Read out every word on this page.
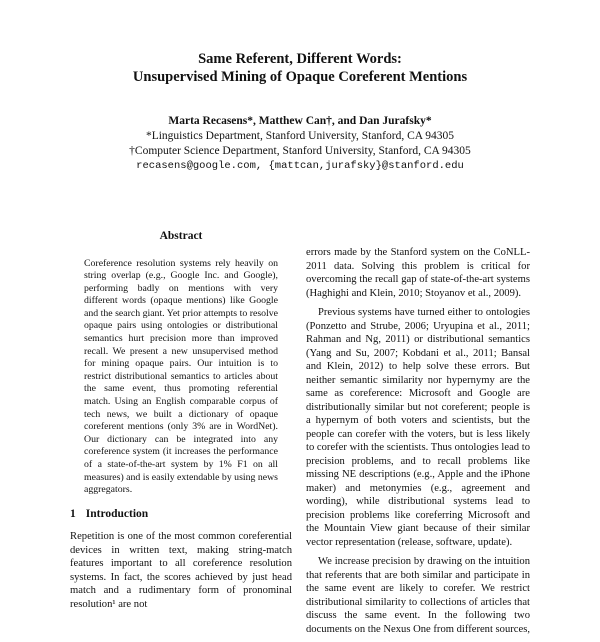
Same Referent, Different Words:
Unsupervised Mining of Opaque Coreferent Mentions
Marta Recasens*, Matthew Can†, and Dan Jurafsky*
*Linguistics Department, Stanford University, Stanford, CA 94305
†Computer Science Department, Stanford University, Stanford, CA 94305
recasens@google.com, {mattcan,jurafsky}@stanford.edu
Abstract
Coreference resolution systems rely heavily on string overlap (e.g., Google Inc. and Google), performing badly on mentions with very different words (opaque mentions) like Google and the search giant. Yet prior attempts to resolve opaque pairs using ontologies or distributional semantics hurt precision more than improved recall. We present a new unsupervised method for mining opaque pairs. Our intuition is to restrict distributional semantics to articles about the same event, thus promoting referential match. Using an English comparable corpus of tech news, we built a dictionary of opaque coreferent mentions (only 3% are in WordNet). Our dictionary can be integrated into any coreference system (it increases the performance of a state-of-the-art system by 1% F1 on all measures) and is easily extendable by using news aggregators.
1 Introduction

Repetition is one of the most common coreferential devices in written text, making string-match features important to all coreference resolution systems. In fact, the scores achieved by just head match and a rudimentary form of pronominal resolution¹ are not

errors made by the Stanford system on the CoNLL-2011 data. Solving this problem is critical for overcoming the recall gap of state-of-the-art systems (Haghighi and Klein, 2010; Stoyanov et al., 2009).

Previous systems have turned either to ontologies (Ponzetto and Strube, 2006; Uryupina et al., 2011; Rahman and Ng, 2011) or distributional semantics (Yang and Su, 2007; Kobdani et al., 2011; Bansal and Klein, 2012) to help solve these errors. But neither semantic similarity nor hypernymy are the same as coreference: Microsoft and Google are distributionally similar but not coreferent; people is a hypernym of both voters and scientists, but the people can corefer with the voters, but is less likely to corefer with the scientists. Thus ontologies lead to precision problems, and to recall problems like missing NE descriptions (e.g., Apple and the iPhone maker) and metonymies (e.g., agreement and wording), while distributional systems lead to precision problems like coreferring Microsoft and the Mountain View giant because of their similar vector representation (release, software, update).

We increase precision by drawing on the intuition that referents that are both similar and participate in the same event are likely to corefer. We restrict distributional similarity to collections of articles that discuss the same event. In the following two documents on the Nexus One from different sources,
